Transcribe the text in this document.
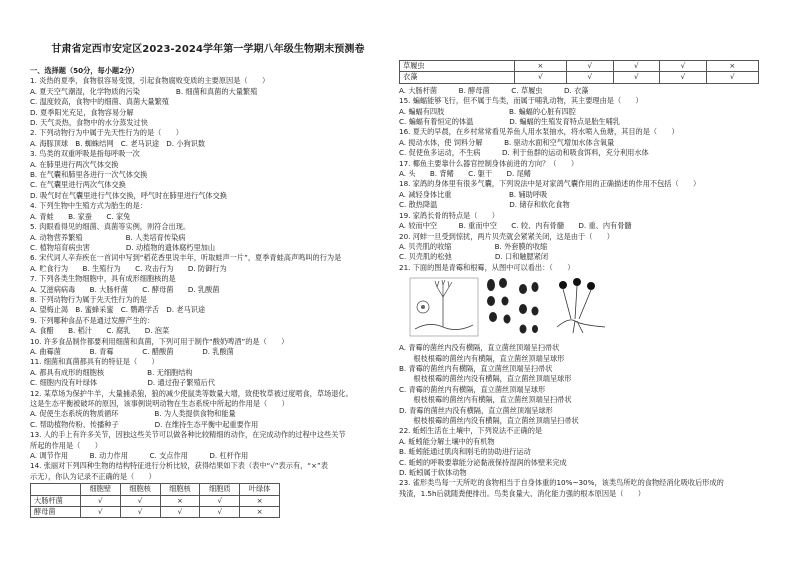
甘肃省定西市安定区2023-2024学年第一学期八年级生物期末预测卷
一、选择题（50分，每小题2分）
1. 炎热的夏季，食物很容易变馊，引起食物腐败变质的主要原因是（　　）
A. 夏天空气潮湿，化学物质的污染　　　　　B. 细菌和真菌的大量繁殖
C. 温度较高，食物中的细菌、真菌大量繁殖
D. 夏季阳光充足，食物容易分解
D. 天气炎热，食物中的水分蒸发过快
2. 下列动物行为中属于先天性行为的是（　　）
A. 海豚顶球　B. 蜘蛛结网　C. 老马识途　D. 小狗识数
3. 鸟类的双重呼吸是指每呼吸一次
A. 在肺里进行两次气体交换
B. 在气囊和肺里各进行一次气体交换
C. 在气囊里进行两次气体交换
D. 吸气时在气囊里进行气体交换，呼气时在肺里进行气体交换
4. 下列生物中生殖方式为胎生的是：
A. 青蛙　　B. 家蚕　　C. 家兔
5. 肉眼看得见的细菌、真菌等实例，则符合出现。
A. 动物营养繁殖　　　　　　B. 人类培育传染病
C. 植物培育病虫害　　　　　D. 动植物的遗体腐朽里加山
6. 宋代词人辛弃疾在一首词中写到“稻花香里说丰年，听取蛙声一片”，夏季青蛙高声鸣叫的行为是
A. 贮食行为　　B. 生殖行为　　C. 攻击行为　　D. 防御行为
7. 下列各类生物细胞中，具有成形细胞核的是
A. 艾滋病病毒　　B. 大肠杆菌　　C. 酵母菌　　D. 乳酸菌
8. 下列动物行为属于先天性行为的是
A. 望梅止渴　B. 蜜蜂采蜜　C. 鹦鹉学舌　D. 老马识途
9. 下列哪种食品不是通过发酵产生的：
A. 食醋　　B. 稻汁　　C. 腐乳　　D. 泡菜
10. 许多食品制作都要利用细菌和真菌，下列可用于制作“酸奶啤酒”的是（　　）
A. 曲霉菌　　　　B. 青霉　　　　C. 醋酸菌　　　　D. 乳酸菌
11. 细菌和真菌都具有的特征是（　　）
A. 都具有成形的细胞核　　　　　　B. 无细胞结构
C. 细胞内没有叶绿体　　　　　　　D. 通过孢子繁殖后代
12. 某草场为保护牛羊，大量捕杀狼，狼的减少使鼠类等数量大增，致使牧草被过度啃食，草场退化。
这是生态平衡被破坏的原因，该事例说明动物在生态系统中所起的作用是（　　）
A. 促使生态系统的物质循环　　　　　B. 为人类提供食物和能量
C. 帮助植物传粉、传播种子　　　　　D. 在维持生态平衡中起重要作用
13. 人的手上有许多关节，因独这些关节可以做各种比较精细的动作，在完成动作的过程中这些关节
所起的作用是（　　）
A. 调节作用　　　B. 动力作用　　　C. 支点作用　　　D. 杠杆作用
14. 张丽对下列四种生物的结构特征进行分析比较，获得结果如下表（表中“√”表示有，“×”表
示无），你认为记录不正确的是（　　）
	细胞壁	细胞核	细胞核	细胞质	叶绿体
大肠杆菌	√	√	×	√	×
酵母菌	√	√	√	√	×
草履虫	×	√	√	√	×
衣藻	√	√	√	√	√
A. 大肠杆菌　　　B. 酵母菌　　　C. 草履虫　　　D. 衣藻
15. 蝙蝠能够飞行，但不属于鸟类，而属于哺乳动物，其主要理由是（　　）
A. 蝙蝠有四肢　　　　　　　　　B. 蝙蝠的心脏有四腔
C. 蝙蝠有着恒定的体温　　　　　D. 蝙蝠的生殖发育特点是胎生哺乳
16. 夏天的早晨，在乡村常常看见养鱼人用水泵抽水，将水喷入鱼塘，其目的是（　　）
A. 搅动水体，使 饲料分解　　　B. 驱动水面和空气增加水体含氧量
C. 促使鱼多运动，不生病　　　D. 利于鱼群的运动和吸食饵料，充分利用水体
17. 椰鱼主要靠什么器官控制身体前进的方向？（　　）
A. 头　　B. 背鳍　　C. 躯干　　D. 尾鳍
18. 家鸽的身体里有很多气囊，下列说法中是对家鸽气囊作用的正确描述的作用不包括（　　）
A. 减轻身体比重　　　　　　　　B. 辅助呼吸
C. 散热降温　　　　　　　　　　D. 储存和软化食物
19. 家鸽长骨的特点是（　　）
A. 较而中空　　　B. 重而中空　　C. 较、内有骨髓　　D. 重、内有骨髓
20. 河蚌一旦受到惊扰，两片贝壳就会紧紧关闭，这是由于（　　）
A. 贝壳肌的收缩　　　　　　B. 外套膜的收缩
C. 贝壳肌的松弛　　　　　　D. 口和触腮紧闭
21. 下面的图是青霉和根霉，从图中可以看出：（　　）
A. 青霉的菌丝内没有横隔，直立菌丝顶端呈扫帚状
　　根枝根霉的菌丝内有横隔，直立菌丝顶端呈球形
B. 青霉的菌丝内有横隔，直立菌丝顶端呈扫帚状
　　根枝根霉的菌丝内没有横隔，直立菌丝顶端呈球形
C. 青霉的菌丝内有横隔，直立菌丝顶端呈球形
　　根枝根霉的菌丝内有横隔，直立菌丝顶端呈扫帚状
D. 青霉的菌丝内没有横隔，直立菌丝顶端呈球形
　　根枝根霉的菌丝内没有横隔，直立菌丝顶端呈扫帚状
22. 蚯蚓生活在土壤中，下列说法不正确的是
A. 蚯蚓能分解土壤中的有机物
B. 蚯蚓能通过肌肉和刚毛的协助进行运动
C. 蚯蚓的呼吸要靠能分泌黏液保持湿润的体壁来完成
D. 蚯蚓属于软体动物
23. 雀形类鸟每一天所吃的食物相当于自身体重的10%~30%，该类鸟所吃的食物经消化吸收后形成的
残渣，1.5h后就随粪便排出。鸟类食量大、消化能力强的根本原因是（　　）
